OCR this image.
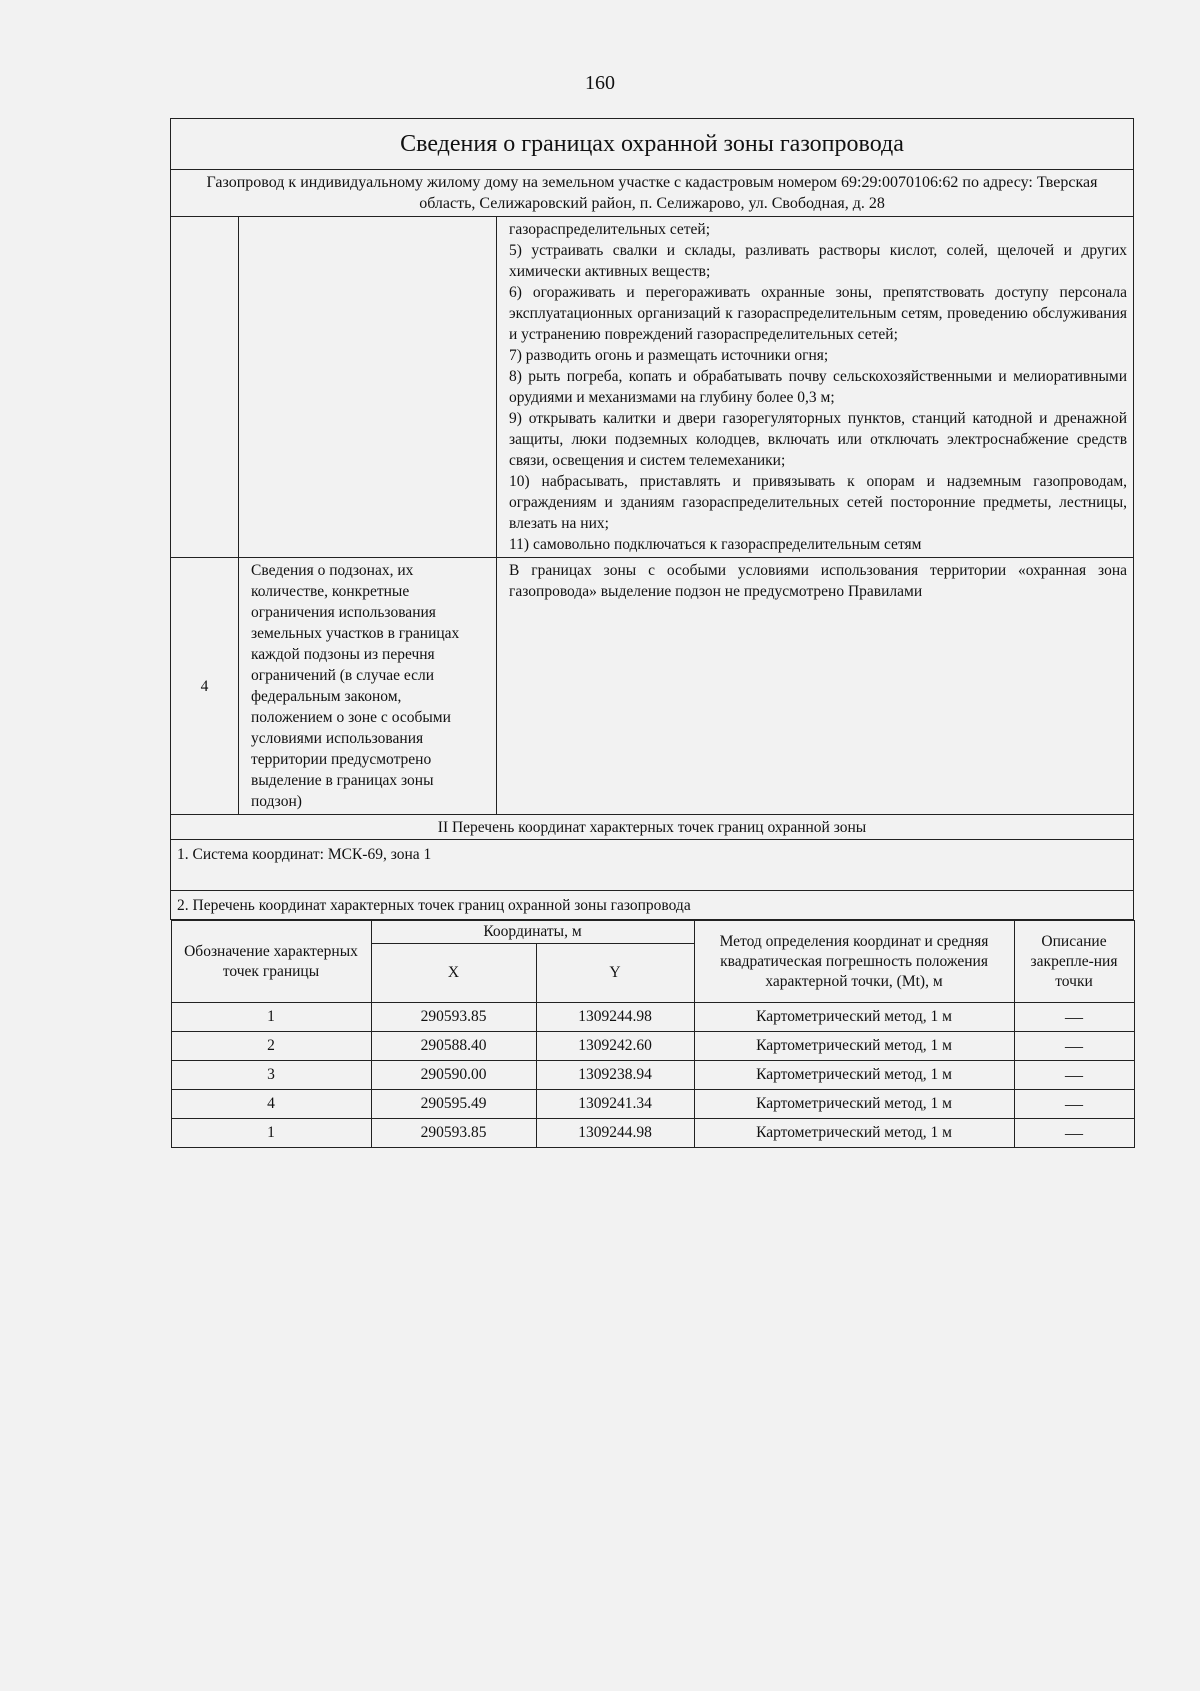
160
Сведения о границах охранной зоны газопровода
Газопровод к индивидуальному жилому дому на земельном участке с кадастровым номером 69:29:0070106:62 по адресу: Тверская область, Селижаровский район, п. Селижарово, ул. Свободная, д. 28

газораспределительных сетей;

5) устраивать свалки и склады, разливать растворы кислот, солей, щелочей и других химически активных веществ;

6) огораживать и перегораживать охранные зоны, препятствовать доступу персонала эксплуатационных организаций к газораспределительным сетям, проведению обслуживания и устранению повреждений газораспределительных сетей;

7) разводить огонь и размещать источники огня;

8) рыть погреба, копать и обрабатывать почву сельскохозяйственными и мелиоративными орудиями и механизмами на глубину более 0,3 м;

9) открывать калитки и двери газорегуляторных пунктов, станций катодной и дренажной защиты, люки подземных колодцев, включать или отключать электроснабжение средств связи, освещения и систем телемеханики;

10) набрасывать, приставлять и привязывать к опорам и надземным газопроводам, ограждениям и зданиям газораспределительных сетей посторонние предметы, лестницы, влезать на них;

11) самовольно подключаться к газораспределительным сетям

4	Сведения о подзонах, их количестве, конкретные ограничения использования земельных участков в границах каждой подзоны из перечня ограничений (в случае если федеральным законом, положением о зоне с особыми условиями использования территории предусмотрено выделение в границах зоны подзон)	В границах зоны с особыми условиями использования территории «охранная зона газопровода» выделение подзон не предусмотрено Правилами
II Перечень координат характерных точек границ охранной зоны
1. Система координат: МСК-69, зона 1
2. Перечень координат характерных точек границ охранной зоны газопровода

Обозначение характерных точек границы	Координаты, м	Метод определения координат и средняя квадратическая погрешность положения характерной точки, (Mt), м	Описание закрепле-ния точки
X	Y
1	290593.85	1309244.98	Картометрический метод, 1 м	—
2	290588.40	1309242.60	Картометрический метод, 1 м	—
3	290590.00	1309238.94	Картометрический метод, 1 м	—
4	290595.49	1309241.34	Картометрический метод, 1 м	—
1	290593.85	1309244.98	Картометрический метод, 1 м	—
